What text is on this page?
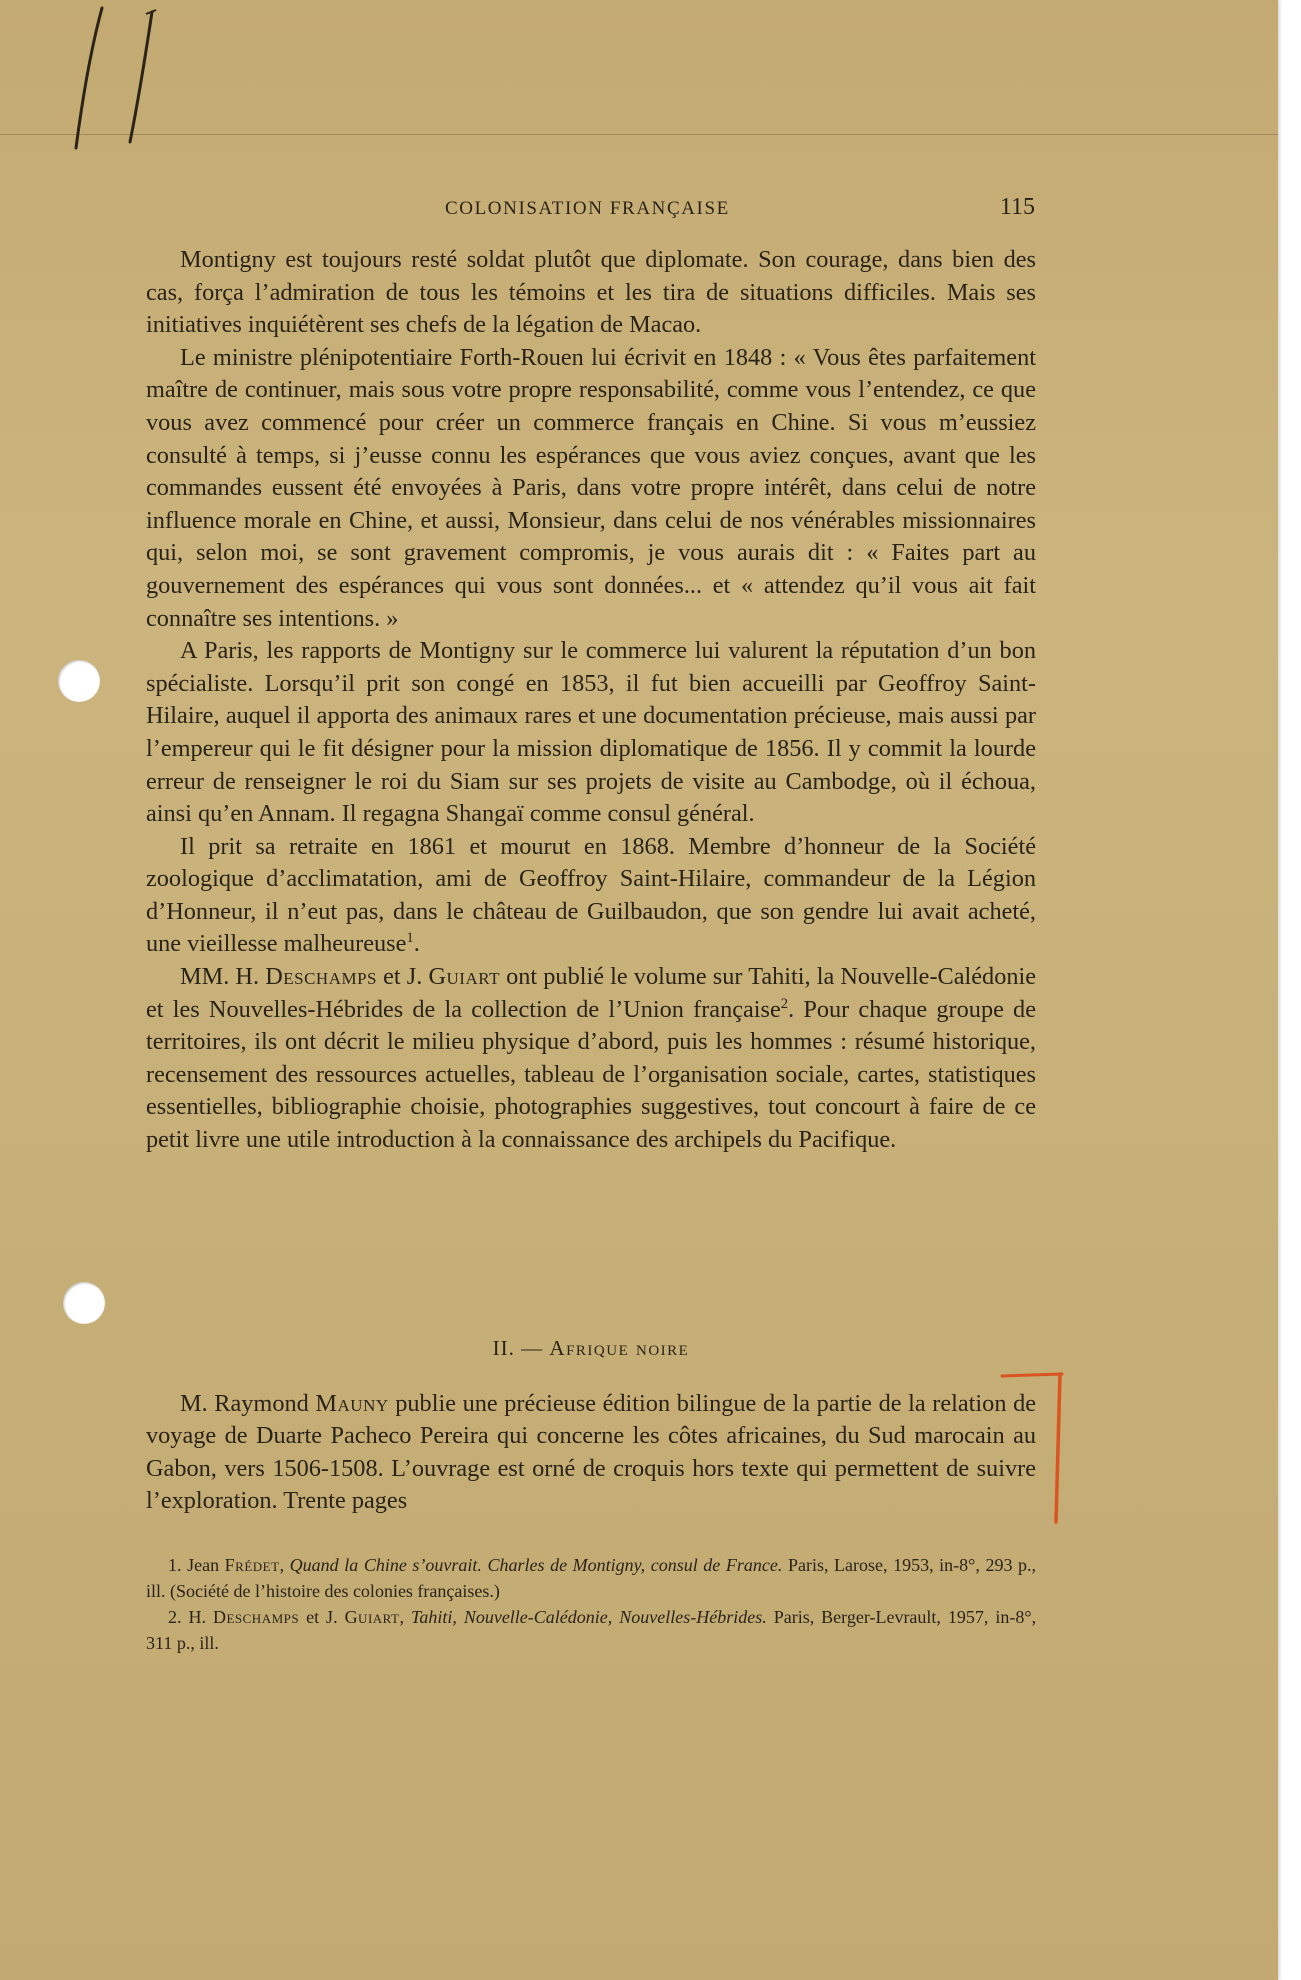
COLONISATION FRANÇAISE	115

Montigny est toujours resté soldat plutôt que diplomate. Son courage, dans bien des cas, força l’admiration de tous les témoins et les tira de situations difficiles. Mais ses initiatives inquiétèrent ses chefs de la légation de Macao.

Le ministre plénipotentiaire Forth-Rouen lui écrivit en 1848 : « Vous êtes parfaitement maître de continuer, mais sous votre propre responsabilité, comme vous l’entendez, ce que vous avez commencé pour créer un commerce français en Chine. Si vous m’eussiez consulté à temps, si j’eusse connu les espérances que vous aviez conçues, avant que les commandes eussent été envoyées à Paris, dans votre propre intérêt, dans celui de notre influence morale en Chine, et aussi, Monsieur, dans celui de nos vénérables missionnaires qui, selon moi, se sont gravement compromis, je vous aurais dit : « Faites part au gouvernement des espérances qui vous sont données... et « attendez qu’il vous ait fait connaître ses intentions. »

A Paris, les rapports de Montigny sur le commerce lui valurent la réputation d’un bon spécialiste. Lorsqu’il prit son congé en 1853, il fut bien accueilli par Geoffroy Saint-Hilaire, auquel il apporta des animaux rares et une documentation précieuse, mais aussi par l’empereur qui le fit désigner pour la mission diplomatique de 1856. Il y commit la lourde erreur de renseigner le roi du Siam sur ses projets de visite au Cambodge, où il échoua, ainsi qu’en Annam. Il regagna Shangaï comme consul général.

Il prit sa retraite en 1861 et mourut en 1868. Membre d’honneur de la Société zoologique d’acclimatation, ami de Geoffroy Saint-Hilaire, commandeur de la Légion d’Honneur, il n’eut pas, dans le château de Guilbaudon, que son gendre lui avait acheté, une vieillesse malheureuse$^1$.

MM. H. Deschamps et J. Guiart ont publié le volume sur Tahiti, la Nouvelle-Calédonie et les Nouvelles-Hébrides de la collection de l’Union française$^2$. Pour chaque groupe de territoires, ils ont décrit le milieu physique d’abord, puis les hommes : résumé historique, recensement des ressources actuelles, tableau de l’organisation sociale, cartes, statistiques essentielles, bibliographie choisie, photographies suggestives, tout concourt à faire de ce petit livre une utile introduction à la connaissance des archipels du Pacifique.

II. — Afrique noire

M. Raymond Mauny publie une précieuse édition bilingue de la partie de la relation de voyage de Duarte Pacheco Pereira qui concerne les côtes africaines, du Sud marocain au Gabon, vers 1506-1508. L’ouvrage est orné de croquis hors texte qui permettent de suivre l’exploration. Trente pages

1. Jean Frédet, Quand la Chine s’ouvrait. Charles de Montigny, consul de France. Paris, Larose, 1953, in-8°, 293 p., ill. (Société de l’histoire des colonies françaises.)

2. H. Deschamps et J. Guiart, Tahiti, Nouvelle-Calédonie, Nouvelles-Hébrides. Paris, Berger-Levrault, 1957, in-8°, 311 p., ill.
